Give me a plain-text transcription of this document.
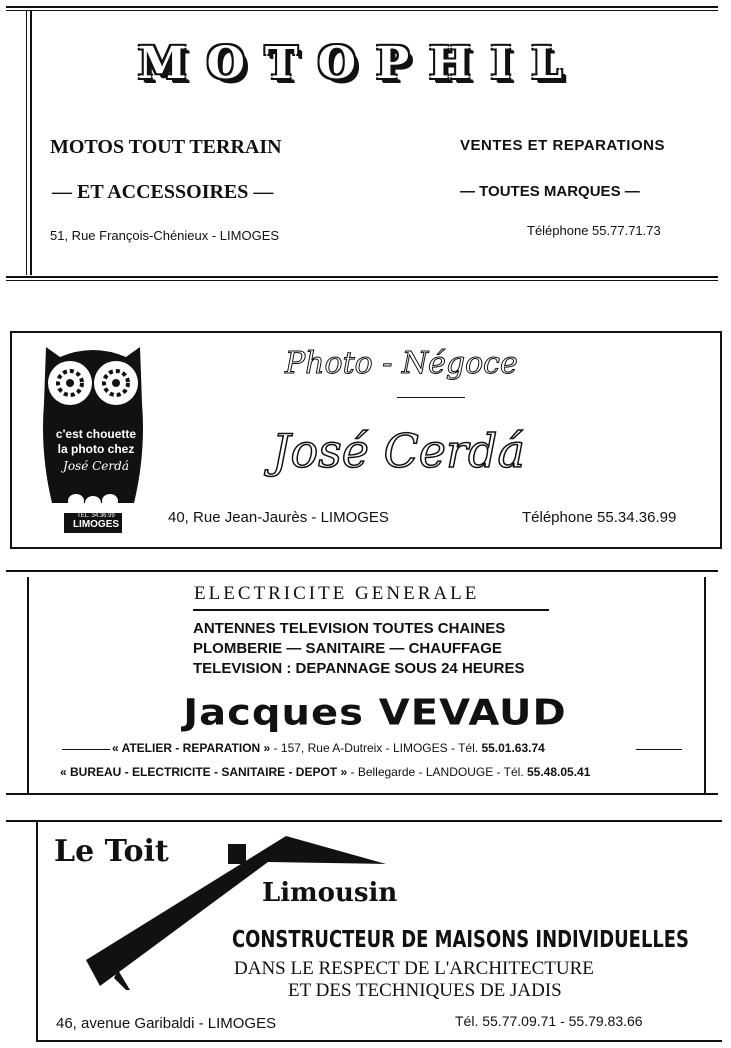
MOTOPHIL
MOTOS TOUT TERRAIN
— ET ACCESSOIRES —
51, Rue François-Chénieux - LIMOGES
VENTES ET REPARATIONS
— TOUTES MARQUES —
Téléphone 55.77.71.73
c'est chouette
la photo chez
José Cerdá
TEL. 34.36.99
LIMOGES
Photo - Négoce
José Cerdá
40, Rue Jean-Jaurès - LIMOGES	Téléphone 55.34.36.99
ELECTRICITE GENERALE
ANTENNES TELEVISION TOUTES CHAINES
PLOMBERIE — SANITAIRE — CHAUFFAGE
TELEVISION : DEPANNAGE SOUS 24 HEURES
Jacques VEVAUD
« ATELIER - REPARATION » - 157, Rue A-Dutreix - LIMOGES - Tél. 55.01.63.74
« BUREAU - ELECTRICITE - SANITAIRE - DEPOT » - Bellegarde - LANDOUGE - Tél. 55.48.05.41
Le Toit
Limousin
CONSTRUCTEUR DE MAISONS INDIVIDUELLES
DANS LE RESPECT DE L'ARCHITECTURE
ET DES TECHNIQUES DE JADIS
46, avenue Garibaldi - LIMOGES	Tél. 55.77.09.71 - 55.79.83.66
